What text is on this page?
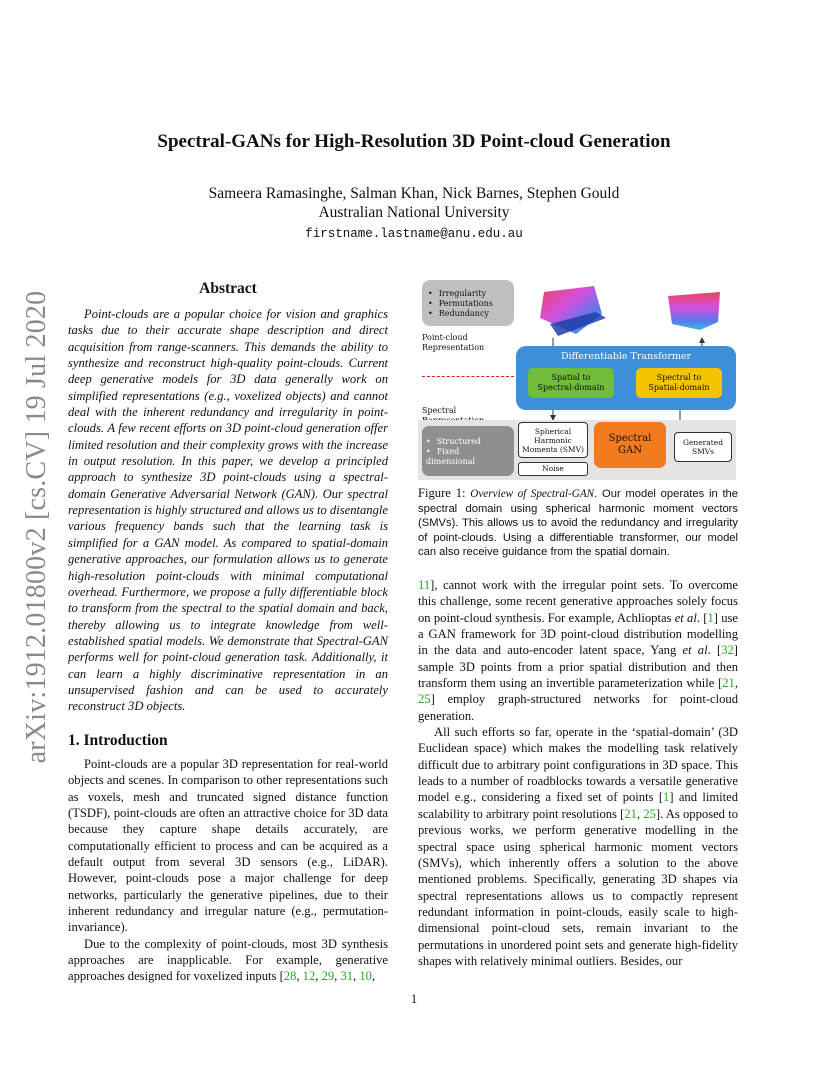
arXiv:1912.01800v2 [cs.CV] 19 Jul 2020
Spectral-GANs for High-Resolution 3D Point-cloud Generation
Sameera Ramasinghe, Salman Khan, Nick Barnes, Stephen Gould
Australian National University
firstname.lastname@anu.edu.au
Abstract

Point-clouds are a popular choice for vision and graphics tasks due to their accurate shape description and direct acquisition from range-scanners. This demands the ability to synthesize and reconstruct high-quality point-clouds. Current deep generative models for 3D data generally work on simplified representations (e.g., voxelized objects) and cannot deal with the inherent redundancy and irregularity in point-clouds. A few recent efforts on 3D point-cloud generation offer limited resolution and their complexity grows with the increase in output resolution. In this paper, we develop a principled approach to synthesize 3D point-clouds using a spectral-domain Generative Adversarial Network (GAN). Our spectral representation is highly structured and allows us to disentangle various frequency bands such that the learning task is simplified for a GAN model. As compared to spatial-domain generative approaches, our formulation allows us to generate high-resolution point-clouds with minimal computational overhead. Furthermore, we propose a fully differentiable block to transform from the spectral to the spatial domain and back, thereby allowing us to integrate knowledge from well-established spatial models. We demonstrate that Spectral-GAN performs well for point-cloud generation task. Additionally, it can learn a highly discriminative representation in an unsupervised fashion and can be used to accurately reconstruct 3D objects.

1. Introduction

Point-clouds are a popular 3D representation for real-world objects and scenes. In comparison to other representations such as voxels, mesh and truncated signed distance function (TSDF), point-clouds are often an attractive choice for 3D data because they capture shape details accurately, are computationally efficient to process and can be acquired as a default output from several 3D sensors (e.g., LiDAR). However, point-clouds pose a major challenge for deep networks, particularly the generative pipelines, due to their inherent redundancy and irregular nature (e.g., permutation-invariance).

Due to the complexity of point-clouds, most 3D synthesis approaches are inapplicable. For example, generative approaches designed for voxelized inputs [28, 12, 29, 31, 10,

• Irregularity
• Permutations
• Redundancy
Point-cloud
Representation
Differentiable Transformer
Spatial to
Spectral-domain
Spectral to
Spatial-domain
Spectral

• Structured
• Fixed
dimensional
Spherical
Harmonic
Moments (SMV)
Noise
Spectral
GAN
Generated
SMVs
Figure 1: Overview of Spectral-GAN. Our model operates in the spectral domain using spherical harmonic moment vectors (SMVs). This allows us to avoid the redundancy and irregularity of point-clouds. Using a differentiable transformer, our model can also receive guidance from the spatial domain.

11], cannot work with the irregular point sets. To overcome this challenge, some recent generative approaches solely focus on point-cloud synthesis. For example, Achlioptas et al. [1] use a GAN framework for 3D point-cloud distribution modelling in the data and auto-encoder latent space, Yang et al. [32] sample 3D points from a prior spatial distribution and then transform them using an invertible parameterization while [21, 25] employ graph-structured networks for point-cloud generation.

All such efforts so far, operate in the ‘spatial-domain’ (3D Euclidean space) which makes the modelling task relatively difficult due to arbitrary point configurations in 3D space. This leads to a number of roadblocks towards a versatile generative model e.g., considering a fixed set of points [1] and limited scalability to arbitrary point resolutions [21, 25]. As opposed to previous works, we perform generative modelling in the spectral space using spherical harmonic moment vectors (SMVs), which inherently offers a solution to the above mentioned problems. Specifically, generating 3D shapes via spectral representations allows us to compactly represent redundant information in point-clouds, easily scale to high-dimensional point-cloud sets, remain invariant to the permutations in unordered point sets and generate high-fidelity shapes with relatively minimal outliers. Besides, our

1
